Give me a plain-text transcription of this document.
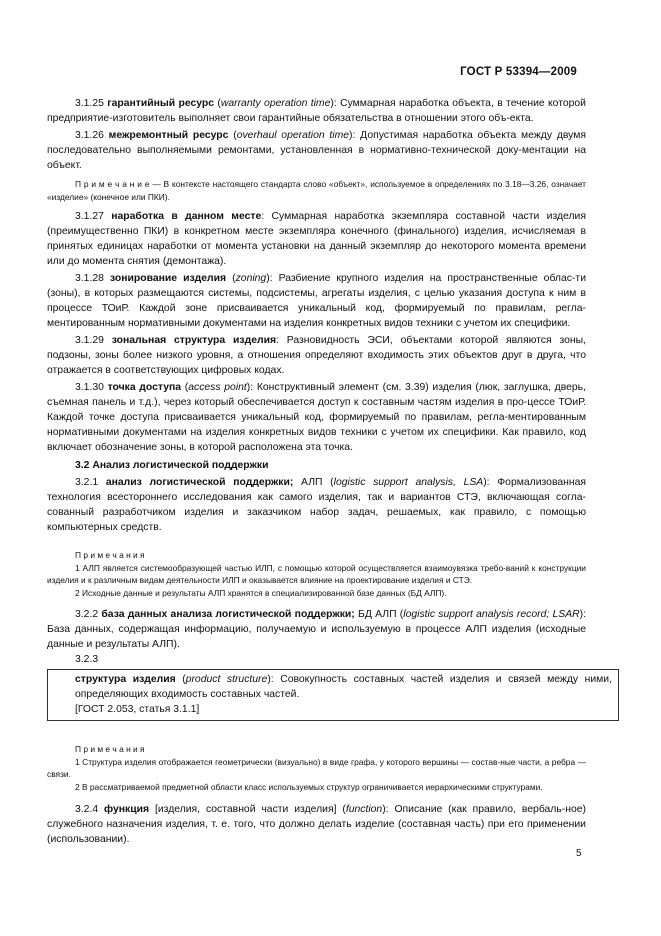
ГОСТ Р 53394—2009

3.1.25 гарантийный ресурс (warranty operation time): Суммарная наработка объекта, в течение которой предприятие-изготовитель выполняет свои гарантийные обязательства в отношении этого объ-екта.

3.1.26 межремонтный ресурс (overhaul operation time): Допустимая наработка объекта между двумя последовательно выполняемыми ремонтами, установленная в нормативно-технической доку-ментации на объект.

П р и м е ч а н и е — В контексте настоящего стандарта слово «объект», используемое в определениях по 3.18—3.26, означает «изделие» (конечное или ПКИ).

3.1.27 наработка в данном месте: Суммарная наработка экземпляра составной части изделия (преимущественно ПКИ) в конкретном месте экземпляра конечного (финального) изделия, исчисляемая в принятых единицах наработки от момента установки на данный экземпляр до некоторого момента времени или до момента снятия (демонтажа).

3.1.28 зонирование изделия (zoning): Разбиение крупного изделия на пространственные облас-ти (зоны), в которых размещаются системы, подсистемы, агрегаты изделия, с целью указания доступа к ним в процессе ТОиР. Каждой зоне присваивается уникальный код, формируемый по правилам, регла-ментированным нормативными документами на изделия конкретных видов техники с учетом их специфики.

3.1.29 зональная структура изделия: Разновидность ЭСИ, объектами которой являются зоны, подзоны, зоны более низкого уровня, а отношения определяют входимость этих объектов друг в друга, что отражается в соответствующих цифровых кодах.

3.1.30 точка доступа (access point): Конструктивный элемент (см. 3.39) изделия (люк, заглушка, дверь, съемная панель и т.д.), через который обеспечивается доступ к составным частям изделия в про-цессе ТОиР. Каждой точке доступа присваивается уникальный код, формируемый по правилам, регла-ментированным нормативными документами на изделия конкретных видов техники с учетом их специфики. Как правило, код включает обозначение зоны, в которой расположена эта точка.

3.2 Анализ логистической поддержки

3.2.1 анализ логистической поддержки; АЛП (logistic support analysis, LSA): Формализованная технология всестороннего исследования как самого изделия, так и вариантов СТЭ, включающая согла-сованный разработчиком изделия и заказчиком набор задач, решаемых, как правило, с помощью компьютерных средств.

П р и м е ч а н и я

1 АЛП является системообразующей частью ИЛП, с помощью которой осуществляется взаимоувязка требо-ваний к конструкции изделия и к различным видам деятельности ИЛП и оказывается влияние на проектирование изделия и СТЭ.

2 Исходные данные и результаты АЛП хранятся в специализированной базе данных (БД АЛП).

3.2.2 база данных анализа логистической поддержки; БД АЛП (logistic support analysis record; LSAR): База данных, содержащая информацию, получаемую и используемую в процессе АЛП изделия (исходные данные и результаты АЛП).

3.2.3

структура изделия (product structure): Совокупность составных частей изделия и связей между ними, определяющих входимость составных частей.

[ГОСТ 2.053, статья 3.1.1]

П р и м е ч а н и я

1 Структура изделия отображается геометрически (визуально) в виде графа, у которого вершины — состав-ные части, а ребра — связи.

2 В рассматриваемой предметной области класс используемых структур ограничивается иерархическими структурами.

3.2.4 функция [изделия, составной части изделия] (function): Описание (как правило, вербаль-ное) служебного назначения изделия, т. е. того, что должно делать изделие (составная часть) при его применении (использовании).

5
